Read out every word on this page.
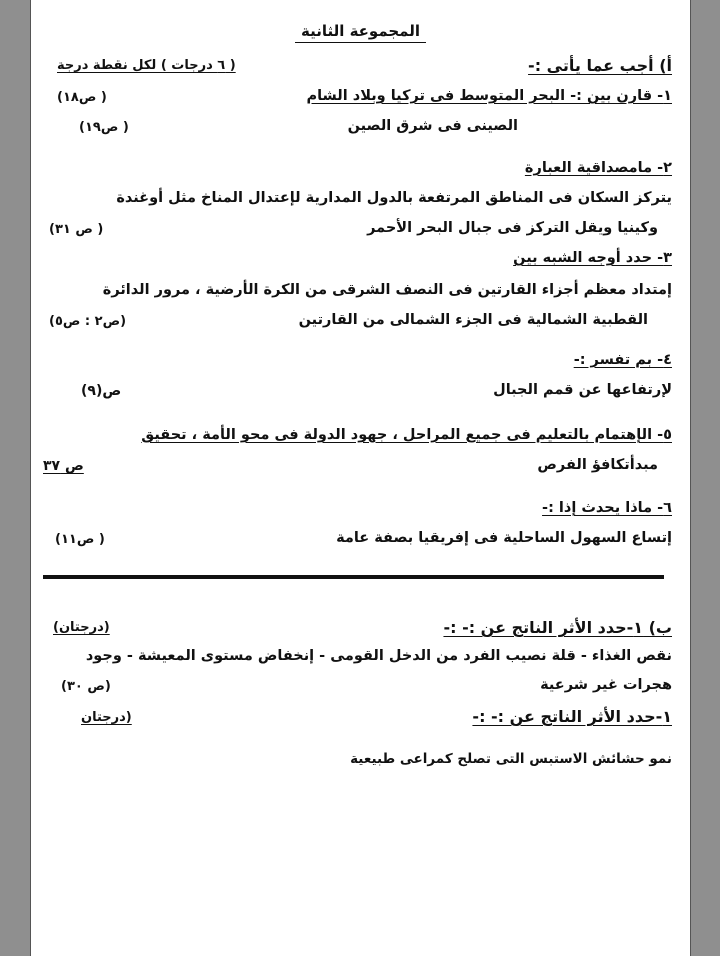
المجموعة الثانية
أ) أجب عما يأتى :-
( ٦ درجات ) لكل نقطة درجة
١- قارن بين :- البحر المتوسط فى تركيا وبلاد الشام
( ص١٨)
الصينى فى شرق الصين
( ص١٩)
٢- مامصداقية العبارة
يتركز السكان فى المناطق المرتفعة بالدول المدارية لإعتدال المناخ مثل أوغندة
وكينيا ويقل التركز فى جبال البحر الأحمر
( ص ٣١)
٣- حدد أوجه الشبه بين
إمتداد معظم أجزاء القارتين فى النصف الشرقى من الكرة الأرضية ، مرور الدائرة
القطبية الشمالية فى الجزء الشمالى من القارتين
(ص٢ : ص٥)
٤- بم تفسر :-
لإرتفاعها عن قمم الجبال
ص(٩)
٥- الإهتمام بالتعليم فى جميع المراحل ، جهود الدولة فى محو الأمة ، تحقيق
مبدأتكافؤ الفرص
ص ٣٧
٦- ماذا يحدث إذا :-
إتساع السهول الساحلية فى إفريقيا بصفة عامة
( ص١١)
ب) ١-حدد الأثر الناتج عن :- :-
(درجتان)
نقص الغذاء - قلة نصيب الفرد من الدخل القومى - إنخفاض مستوى المعيشة - وجود
هجرات غير شرعية
(ص ٣٠)
١-حدد الأثر الناتج عن :- :-
(درجتان
نمو حشائش الاستبس التى تصلح كمراعى طبيعية
